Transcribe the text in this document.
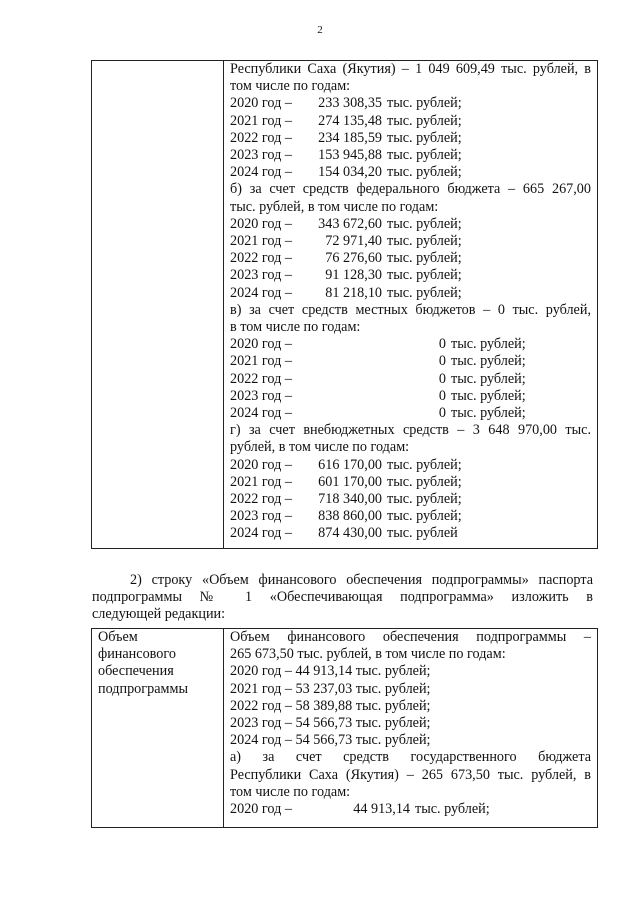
2

Республики Саха (Якутия) – 1 049 609,49 тыс. рублей, в
том числе по годам:
2020 год – 233 308,35 тыс. рублей;
2021 год – 274 135,48 тыс. рублей;
2022 год – 234 185,59 тыс. рублей;
2023 год – 153 945,88 тыс. рублей;
2024 год – 154 034,20 тыс. рублей;
б) за счет средств федерального бюджета – 665 267,00
тыс. рублей, в том числе по годам:
2020 год – 343 672,60 тыс. рублей;
2021 год – 72 971,40 тыс. рублей;
2022 год – 76 276,60 тыс. рублей;
2023 год – 91 128,30 тыс. рублей;
2024 год – 81 218,10 тыс. рублей;
в) за счет средств местных бюджетов – 0 тыс. рублей,
в том числе по годам:
2020 год –	0 тыс. рублей;
2021 год –	0 тыс. рублей;
2022 год –	0 тыс. рублей;
2023 год –	0 тыс. рублей;
2024 год –	0 тыс. рублей;
г) за счет внебюджетных средств – 3 648 970,00 тыс.
рублей, в том числе по годам:
2020 год – 616 170,00 тыс. рублей;
2021 год – 601 170,00 тыс. рублей;
2022 год – 718 340,00 тыс. рублей;
2023 год – 838 860,00 тыс. рублей;
2024 год – 874 430,00 тыс. рублей
2) строку «Объем финансового обеспечения подпрограммы» паспорта
подпрограммы № 1 «Обеспечивающая подпрограмма» изложить в
следующей редакции:
Объем
финансового
обеспечения
подпрограммы

Объем финансового обеспечения подпрограммы –
265 673,50 тыс. рублей, в том числе по годам:
2020 год – 44 913,14 тыс. рублей;
2021 год – 53 237,03 тыс. рублей;
2022 год – 58 389,88 тыс. рублей;
2023 год – 54 566,73 тыс. рублей;
2024 год – 54 566,73 тыс. рублей;
а) за счет средств государственного бюджета
Республики Саха (Якутия) – 265 673,50 тыс. рублей, в
том числе по годам:
2020 год –	44 913,14 тыс. рублей;
